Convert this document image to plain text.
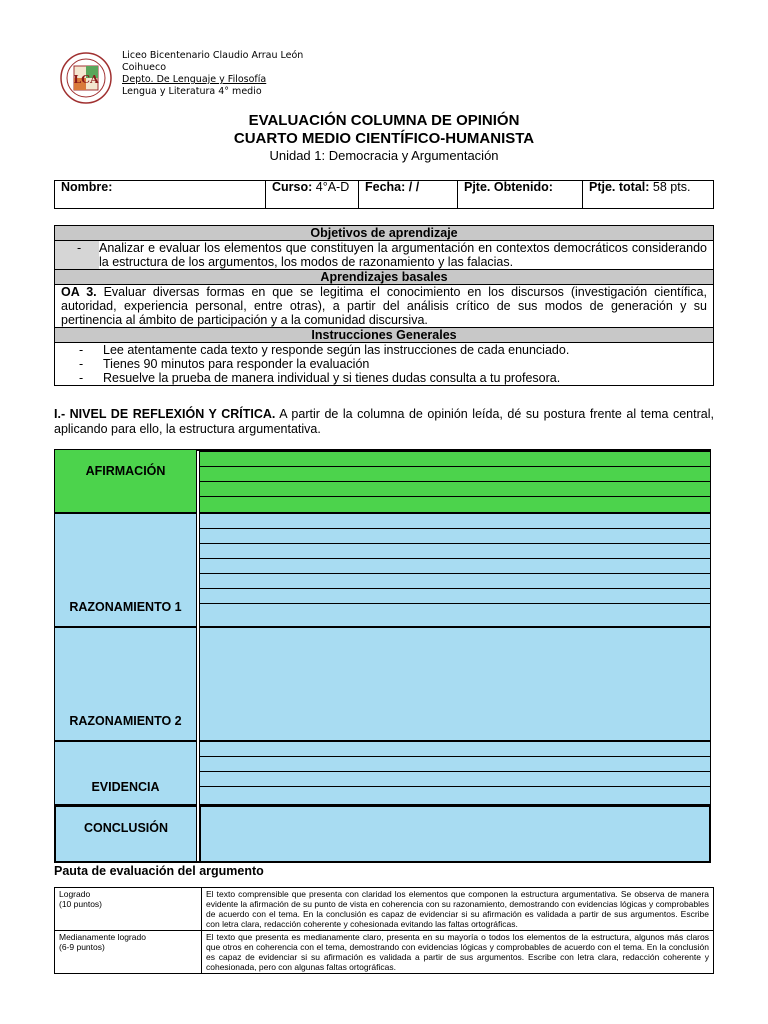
LCA
Liceo Bicentenario Claudio Arrau León
Coihueco
Depto. De Lenguaje y Filosofía
Lengua y Literatura 4° medio
EVALUACIÓN COLUMNA DE OPINIÓN
CUARTO MEDIO CIENTÍFICO-HUMANISTA
Unidad 1: Democracia y Argumentación
Nombre:	Curso: 4°A-D	Fecha: / /	Pjte. Obtenido:	Ptje. total: 58 pts.
Objetivos de aprendizaje
-	Analizar e evaluar los elementos que constituyen la argumentación en contextos democráticos considerando la estructura de los argumentos, los modos de razonamiento y las falacias.
Aprendizajes basales
OA 3. Evaluar diversas formas en que se legitima el conocimiento en los discursos (investigación científica, autoridad, experiencia personal, entre otras), a partir del análisis crítico de sus modos de generación y su pertinencia al ámbito de participación y a la comunidad discursiva.
Instrucciones Generales
-	Lee atentamente cada texto y responde según las instrucciones de cada enunciado.
-	Tienes 90 minutos para responder la evaluación
-	Resuelve la prueba de manera individual y si tienes dudas consulta a tu profesora.
I.- NIVEL DE REFLEXIÓN Y CRÍTICA. A partir de la columna de opinión leída, dé su postura frente al tema central, aplicando para ello, la estructura argumentativa.
AFIRMACIÓN
RAZONAMIENTO 1
RAZONAMIENTO 2
EVIDENCIA
CONCLUSIÓN
Pauta de evaluación del argumento
Logrado
(10 puntos)	El texto comprensible que presenta con claridad los elementos que componen la estructura argumentativa. Se observa de manera evidente la afirmación de su punto de vista en coherencia con su razonamiento, demostrando con evidencias lógicas y comprobables de acuerdo con el tema. En la conclusión es capaz de evidenciar si su afirmación es validada a partir de sus argumentos. Escribe con letra clara, redacción coherente y cohesionada evitando las faltas ortográficas.

Medianamente logrado
(6-9 puntos)	El texto que presenta es medianamente claro, presenta en su mayoría o todos los elementos de la estructura, algunos más claros que otros en coherencia con el tema, demostrando con evidencias lógicas y comprobables de acuerdo con el tema. En la conclusión es capaz de evidenciar si su afirmación es validada a partir de sus argumentos. Escribe con letra clara, redacción coherente y cohesionada, pero con algunas faltas ortográficas.
